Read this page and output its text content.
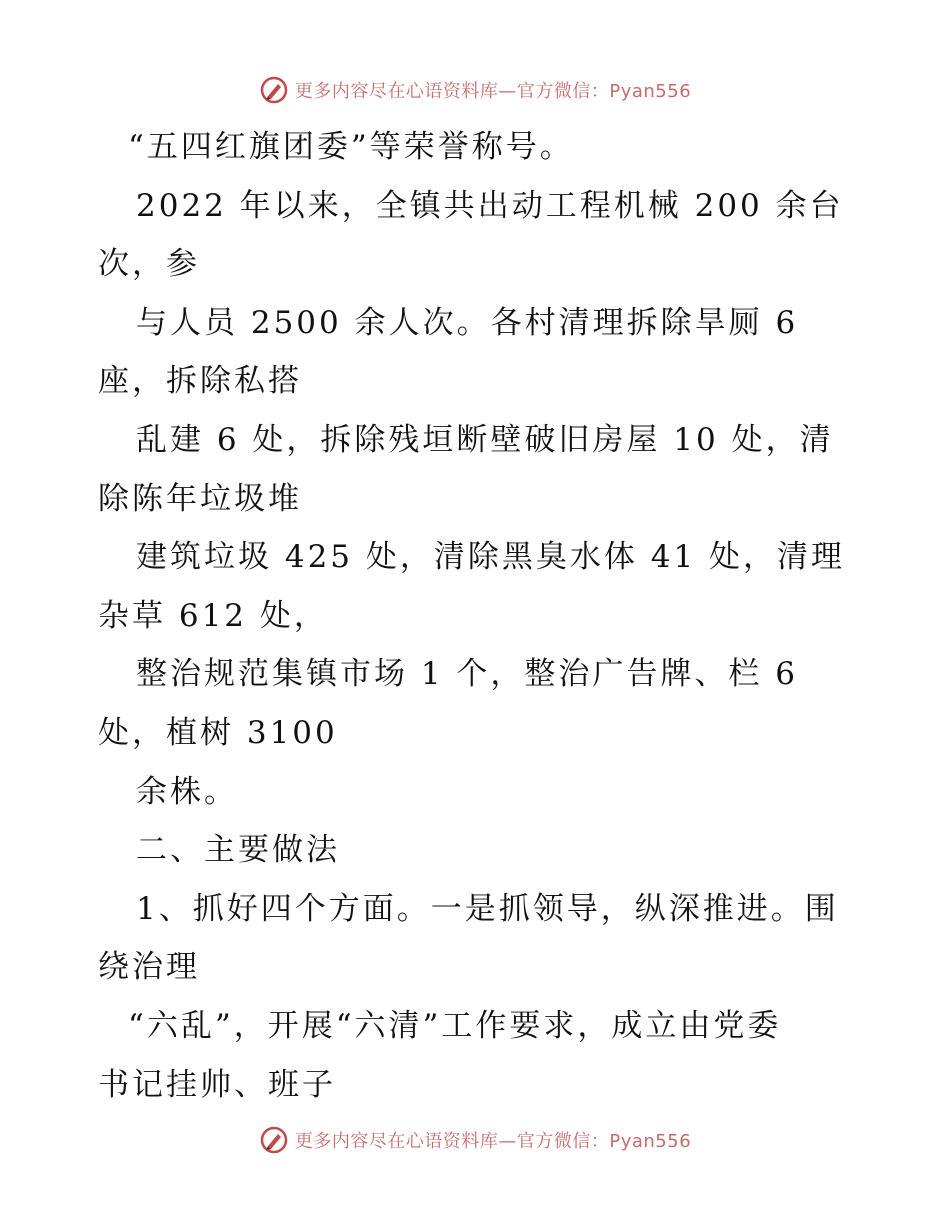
更多内容尽在心语资料库—官方微信：Pyan556
“五四红旗团委”等荣誉称号。
2022 年以来，全镇共出动工程机械 200 余台
次，参
与人员 2500 余人次。各村清理拆除旱厕 6
座，拆除私搭
乱建 6 处，拆除残垣断壁破旧房屋 10 处，清
除陈年垃圾堆
建筑垃圾 425 处，清除黑臭水体 41 处，清理
杂草 612 处，
整治规范集镇市场 1 个，整治广告牌、栏 6
处，植树 3100
余株。
二、主要做法
1、抓好四个方面。一是抓领导，纵深推进。围
绕治理
“六乱”，开展“六清”工作要求，成立由党委
书记挂帅、班子
更多内容尽在心语资料库—官方微信：Pyan556
